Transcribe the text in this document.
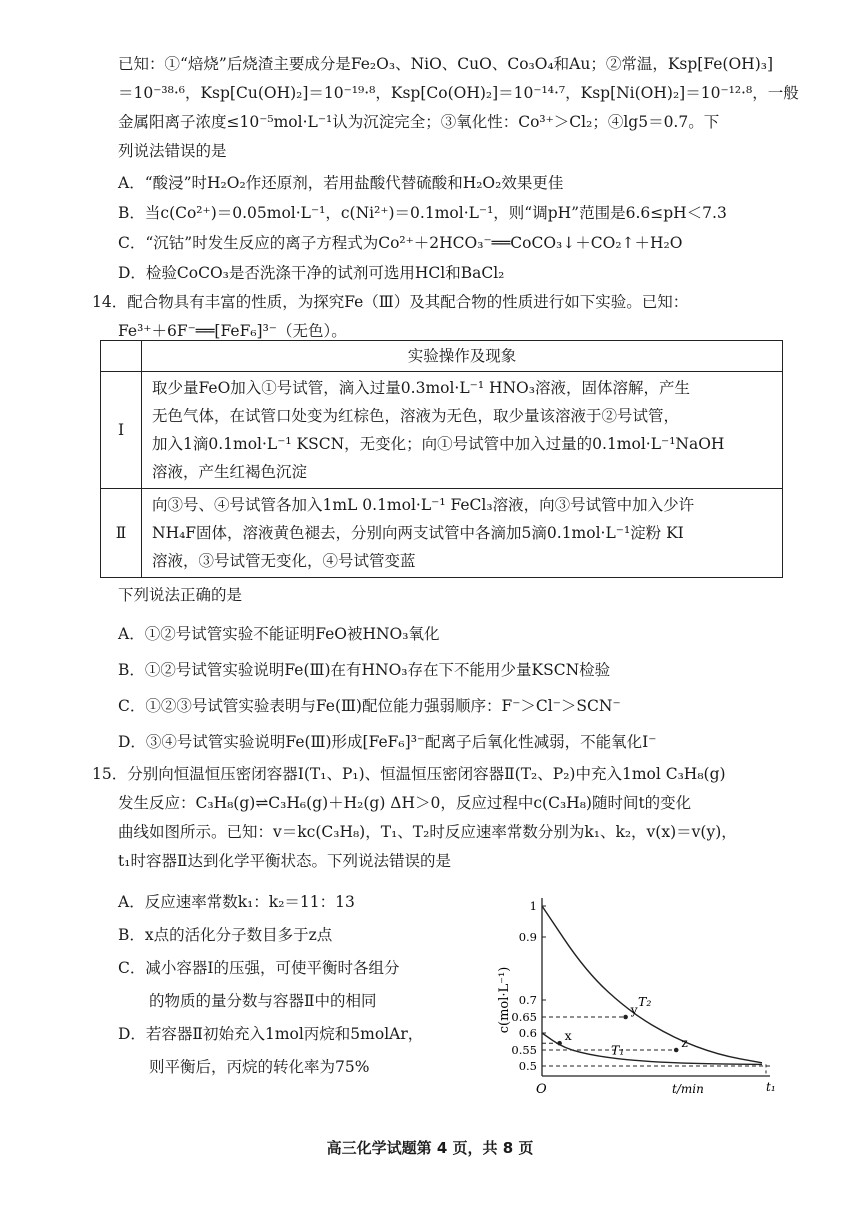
已知：①“焙烧”后烧渣主要成分是Fe₂O₃、NiO、CuO、Co₃O₄和Au；②常温，Ksp[Fe(OH)₃]
＝10⁻³⁸·⁶，Ksp[Cu(OH)₂]＝10⁻¹⁹·⁸，Ksp[Co(OH)₂]＝10⁻¹⁴·⁷，Ksp[Ni(OH)₂]＝10⁻¹²·⁸，一般
金属阳离子浓度≤10⁻⁵mol·L⁻¹认为沉淀完全；③氧化性：Co³⁺＞Cl₂；④lg5＝0.7。下
列说法错误的是
A．“酸浸”时H₂O₂作还原剂，若用盐酸代替硫酸和H₂O₂效果更佳
B．当c(Co²⁺)＝0.05mol·L⁻¹，c(Ni²⁺)＝0.1mol·L⁻¹，则“调pH”范围是6.6≤pH＜7.3
C．“沉钴”时发生反应的离子方程式为Co²⁺＋2HCO₃⁻══CoCO₃↓＋CO₂↑＋H₂O
D．检验CoCO₃是否洗涤干净的试剂可选用HCl和BaCl₂
14．配合物具有丰富的性质，为探究Fe（Ⅲ）及其配合物的性质进行如下实验。已知：
Fe³⁺＋6F⁻══[FeF₆]³⁻（无色）。
	实验操作及现象
Ⅰ	取少量FeO加入①号试管，滴入过量0.3mol·L⁻¹ HNO₃溶液，固体溶解，产生
无色气体，在试管口处变为红棕色，溶液为无色，取少量该溶液于②号试管，
加入1滴0.1mol·L⁻¹ KSCN，无变化；向①号试管中加入过量的0.1mol·L⁻¹NaOH
溶液，产生红褐色沉淀

Ⅱ	向③号、④号试管各加入1mL 0.1mol·L⁻¹ FeCl₃溶液，向③号试管中加入少许
NH₄F固体，溶液黄色褪去，分别向两支试管中各滴加5滴0.1mol·L⁻¹淀粉 KI
溶液，③号试管无变化，④号试管变蓝
下列说法正确的是
A．①②号试管实验不能证明FeO被HNO₃氧化
B．①②号试管实验说明Fe(Ⅲ)在有HNO₃存在下不能用少量KSCN检验
C．①②③号试管实验表明与Fe(Ⅲ)配位能力强弱顺序：F⁻＞Cl⁻＞SCN⁻
D．③④号试管实验说明Fe(Ⅲ)形成[FeF₆]³⁻配离子后氧化性减弱，不能氧化I⁻
15．分别向恒温恒压密闭容器Ⅰ(T₁、P₁)、恒温恒压密闭容器Ⅱ(T₂、P₂)中充入1mol C₃H₈(g)
发生反应：C₃H₈(g)⇌C₃H₆(g)＋H₂(g) ΔH＞0，反应过程中c(C₃H₈)随时间t的变化
曲线如图所示。已知：v＝kc(C₃H₈)，T₁、T₂时反应速率常数分别为k₁、k₂，v(x)＝v(y)，
t₁时容器Ⅱ达到化学平衡状态。下列说法错误的是
A．反应速率常数k₁：k₂＝11：13
B．x点的活化分子数目多于z点
C．减小容器Ⅰ的压强，可使平衡时各组分
　　的物质的量分数与容器Ⅱ中的相同
D．若容器Ⅱ初始充入1mol丙烷和5molAr，
　　则平衡后，丙烷的转化率为75%	0.5
0.55
0.6
0.65
0.7
0.9
1
T₂
T₁
x
y
z
c(mol·L⁻¹)
t/min
O	t₁
高三化学试题第 4 页，共 8 页
